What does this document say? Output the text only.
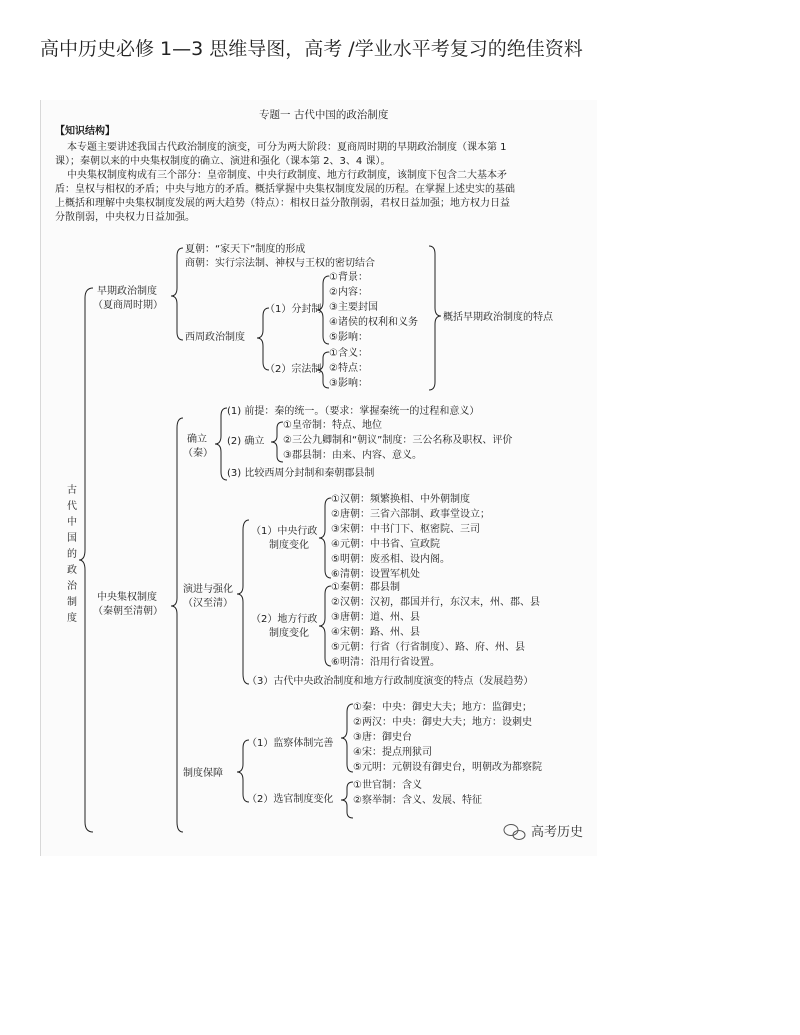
高中历史必修 1—3 思维导图，高考 /学业水平考复习的绝佳资料
专题一 古代中国的政治制度
【知识结构】
本专题主要讲述我国古代政治制度的演变，可分为两大阶段：夏商周时期的早期政治制度（课本第 1
课）；秦朝以来的中央集权制度的确立、演进和强化（课本第 2、3、4 课）。
中央集权制度构成有三个部分：皇帝制度、中央行政制度、地方行政制度，该制度下包含二大基本矛
盾：皇权与相权的矛盾；中央与地方的矛盾。概括掌握中央集权制度发展的历程。在掌握上述史实的基础
上概括和理解中央集权制度发展的两大趋势（特点）：相权日益分散削弱，君权日益加强；地方权力日益
分散削弱，中央权力日益加强。
古
代
中
国
的
政
治
制
度
早期政治制度
（夏商周时期）
夏朝：“家天下”制度的形成
商朝：实行宗法制、神权与王权的密切结合
西周政治制度
（1）分封制
①背景：
②内容：
③主要封国
④诸侯的权利和义务
⑤影响：
（2）宗法制
①含义：
②特点：
③影响：
概括早期政治制度的特点
中央集权制度
（秦朝至清朝）
确立
（秦）
(1) 前提：秦的统一。（要求：掌握秦统一的过程和意义）
(2) 确立
①皇帝制：特点、地位
②三公九卿制和“朝议”制度：三公名称及职权、评价
③郡县制：由来、内容、意义。
(3) 比较西周分封制和秦朝郡县制
演进与强化
（汉至清）
（1）中央行政
制度变化
①汉朝：频繁换相、中外朝制度
②唐朝：三省六部制、政事堂设立；
③宋朝：中书门下、枢密院、三司
④元朝：中书省、宣政院
⑤明朝：废丞相、设内阁。
⑥清朝：设置军机处
（2）地方行政
制度变化
①秦朝：郡县制
②汉朝：汉初，郡国并行，东汉末，州、郡、县
③唐朝：道、州、县
④宋朝：路、州、县
⑤元朝：行省（行省制度）、路、府、州、县
⑥明清：沿用行省设置。
（3）古代中央政治制度和地方行政制度演变的特点（发展趋势）
制度保障
（1）监察体制完善
①秦：中央：御史大夫；地方：监御史；
②两汉：中央：御史大夫；地方：设刺史
③唐：御史台
④宋：提点刑狱司
⑤元明：元朝设有御史台，明朝改为都察院
（2）选官制度变化
①世官制：含义
②察举制：含义、发展、特征
高考历史
